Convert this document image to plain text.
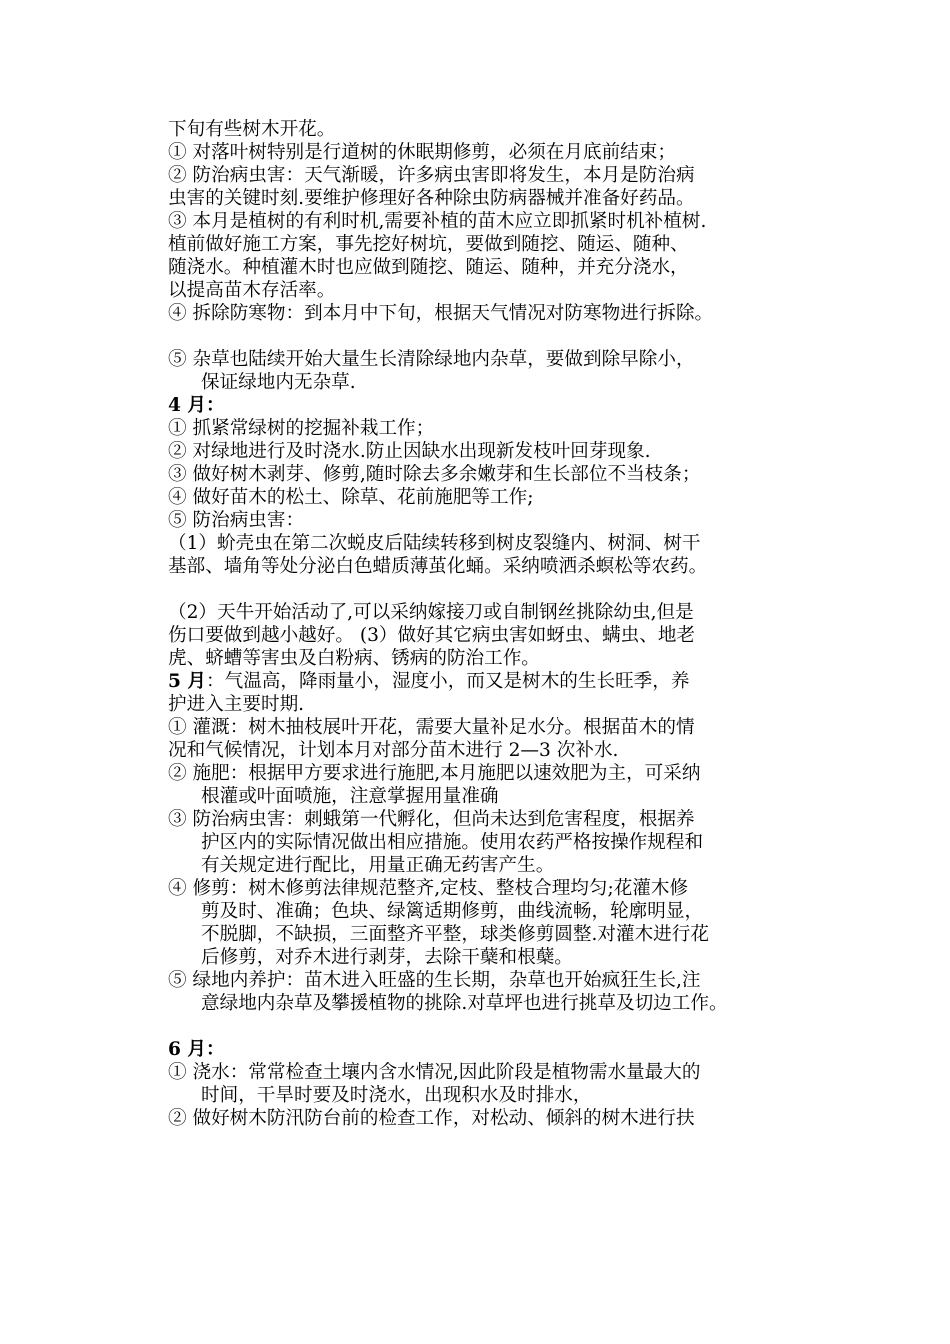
下旬有些树木开花。

① 对落叶树特别是行道树的休眠期修剪，必须在月底前结束；

② 防治病虫害：天气渐暖，许多病虫害即将发生，本月是防治病
虫害的关键时刻.要维护修理好各种除虫防病器械并准备好药品。

③ 本月是植树的有利时机,需要补植的苗木应立即抓紧时机补植树.
植前做好施工方案，事先挖好树坑，要做到随挖、随运、随种、
随浇水。种植灌木时也应做到随挖、随运、随种，并充分浇水，
以提高苗木存活率。

④ 拆除防寒物：到本月中下旬，根据天气情况对防寒物进行拆除。

⑤ 杂草也陆续开始大量生长清除绿地内杂草，要做到除早除小，
保证绿地内无杂草.

4 月：

① 抓紧常绿树的挖掘补栽工作；

② 对绿地进行及时浇水.防止因缺水出现新发枝叶回芽现象.

③ 做好树木剥芽、修剪,随时除去多余嫩芽和生长部位不当枝条；

④ 做好苗木的松土、除草、花前施肥等工作;

⑤ 防治病虫害：

（1）蚧壳虫在第二次蜕皮后陆续转移到树皮裂缝内、树洞、树干
基部、墙角等处分泌白色蜡质薄茧化蛹。采纳喷洒杀螟松等农药。

（2）天牛开始活动了,可以采纳嫁接刀或自制钢丝挑除幼虫,但是
伤口要做到越小越好。 (3）做好其它病虫害如蚜虫、螨虫、地老
虎、蛴螬等害虫及白粉病、锈病的防治工作。

5 月：气温高，降雨量小，湿度小，而又是树木的生长旺季，养
护进入主要时期.

① 灌溉：树木抽枝展叶开花，需要大量补足水分。根据苗木的情
况和气候情况，计划本月对部分苗木进行 2—3 次补水.

② 施肥：根据甲方要求进行施肥,本月施肥以速效肥为主，可采纳
根灌或叶面喷施，注意掌握用量准确

③ 防治病虫害：刺蛾第一代孵化，但尚未达到危害程度，根据养
护区内的实际情况做出相应措施。使用农药严格按操作规程和
有关规定进行配比，用量正确无药害产生。

④ 修剪：树木修剪法律规范整齐,定枝、整枝合理均匀;花灌木修
剪及时、准确；色块、绿篱适期修剪，曲线流畅，轮廓明显，
不脱脚，不缺损，三面整齐平整，球类修剪圆整.对灌木进行花
后修剪，对乔木进行剥芽，去除干蘖和根蘖。

⑤ 绿地内养护：苗木进入旺盛的生长期，杂草也开始疯狂生长,注
意绿地内杂草及攀援植物的挑除.对草坪也进行挑草及切边工作。

6 月：

① 浇水：常常检查土壤内含水情况,因此阶段是植物需水量最大的
时间，干旱时要及时浇水，出现积水及时排水，

② 做好树木防汛防台前的检查工作，对松动、倾斜的树木进行扶
